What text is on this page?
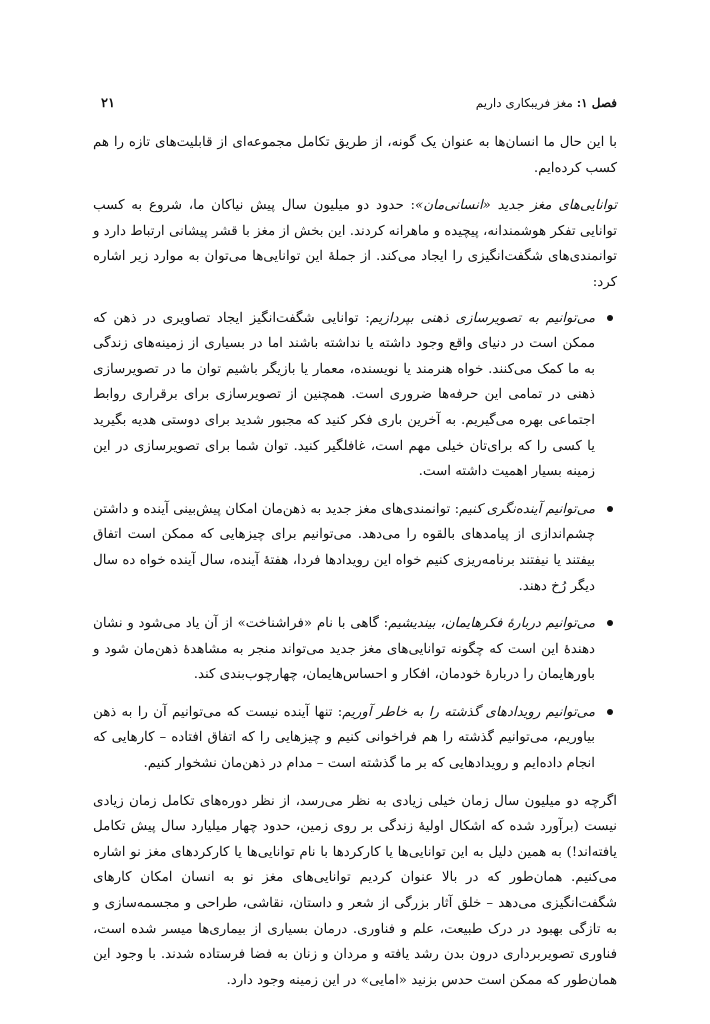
فصل ۱: مغز فریبکاری داریم
۲۱

با این حال ما انسان‌ها به عنوان یک گونه، از طریق تکامل مجموعه‌ای از قابلیت‌های تازه را هم کسب کرده‌ایم.

توانایی‌های مغز جدید «انسانی‌مان»: حدود دو میلیون سال پیش نیاکان ما، شروع به کسب توانایی تفکر هوشمندانه، پیچیده و ماهرانه کردند. این بخش از مغز با قشر پیشانی ارتباط دارد و توانمندی‌های شگفت‌انگیزی را ایجاد می‌کند. از جملهٔ این توانایی‌ها می‌توان به موارد زیر اشاره کرد:

می‌توانیم به تصویرسازی ذهنی بپردازیم: توانایی شگفت‌انگیز ایجاد تصاویری در ذهن که ممکن است در دنیای واقع وجود داشته یا نداشته باشند اما در بسیاری از زمینه‌های زندگی به ما کمک می‌کنند. خواه هنرمند یا نویسنده، معمار یا بازیگر باشیم توان ما در تصویرسازی ذهنی در تمامی این حرفه‌ها ضروری است. همچنین از تصویرسازی برای برقراری روابط اجتماعی بهره می‌گیریم. به آخرین باری فکر کنید که مجبور شدید برای دوستی هدیه بگیرید یا کسی را که برای‌تان خیلی مهم است، غافلگیر کنید. توان شما برای تصویرسازی در این زمینه بسیار اهمیت داشته است.
می‌توانیم آینده‌نگری کنیم: توانمندی‌های مغز جدید به ذهن‌مان امکان پیش‌بینی آینده و داشتن چشم‌اندازی از پیامدهای بالقوه را می‌دهد. می‌توانیم برای چیزهایی که ممکن است اتفاق بیفتند یا نیفتند برنامه‌ریزی کنیم خواه این رویدادها فردا، هفتهٔ آینده، سال آینده خواه ده سال دیگر رُخ دهند.
می‌توانیم دربارهٔ فکرهایمان، بیندیشیم: گاهی با نام «فراشناخت» از آن یاد می‌شود و نشان دهندهٔ این است که چگونه توانایی‌های مغز جدید می‌تواند منجر به مشاهدهٔ ذهن‌مان شود و باورهایمان را دربارهٔ خودمان، افکار و احساس‌هایمان، چهارچوب‌بندی کند.
می‌توانیم رویدادهای گذشته را به خاطر آوریم: تنها آینده نیست که می‌توانیم آن را به ذهن بیاوریم، می‌توانیم گذشته را هم فراخوانی کنیم و چیزهایی را که اتفاق افتاده – کارهایی که انجام داده‌ایم و رویدادهایی که بر ما گذشته است – مدام در ذهن‌مان نشخوار کنیم.

اگرچه دو میلیون سال زمان خیلی زیادی به نظر می‌رسد، از نظر دوره‌های تکامل زمان زیادی نیست (برآورد شده که اشکال اولیهٔ زندگی بر روی زمین، حدود چهار میلیارد سال پیش تکامل یافته‌اند!) به همین دلیل به این توانایی‌ها یا کارکردها با نام توانایی‌ها یا کارکردهای مغز نو اشاره می‌کنیم. همان‌طور که در بالا عنوان کردیم توانایی‌های مغز نو به انسان امکان کارهای شگفت‌انگیزی می‌دهد – خلق آثار بزرگی از شعر و داستان، نقاشی، طراحی و مجسمه‌سازی و به تازگی بهبود در درک طبیعت، علم و فناوری. درمان بسیاری از بیماری‌ها میسر شده است، فناوری تصویربرداری درون بدن رشد یافته و مردان و زنان به فضا فرستاده شدند. با وجود این همان‌طور که ممکن است حدس بزنید «امایی» در این زمینه وجود دارد.
